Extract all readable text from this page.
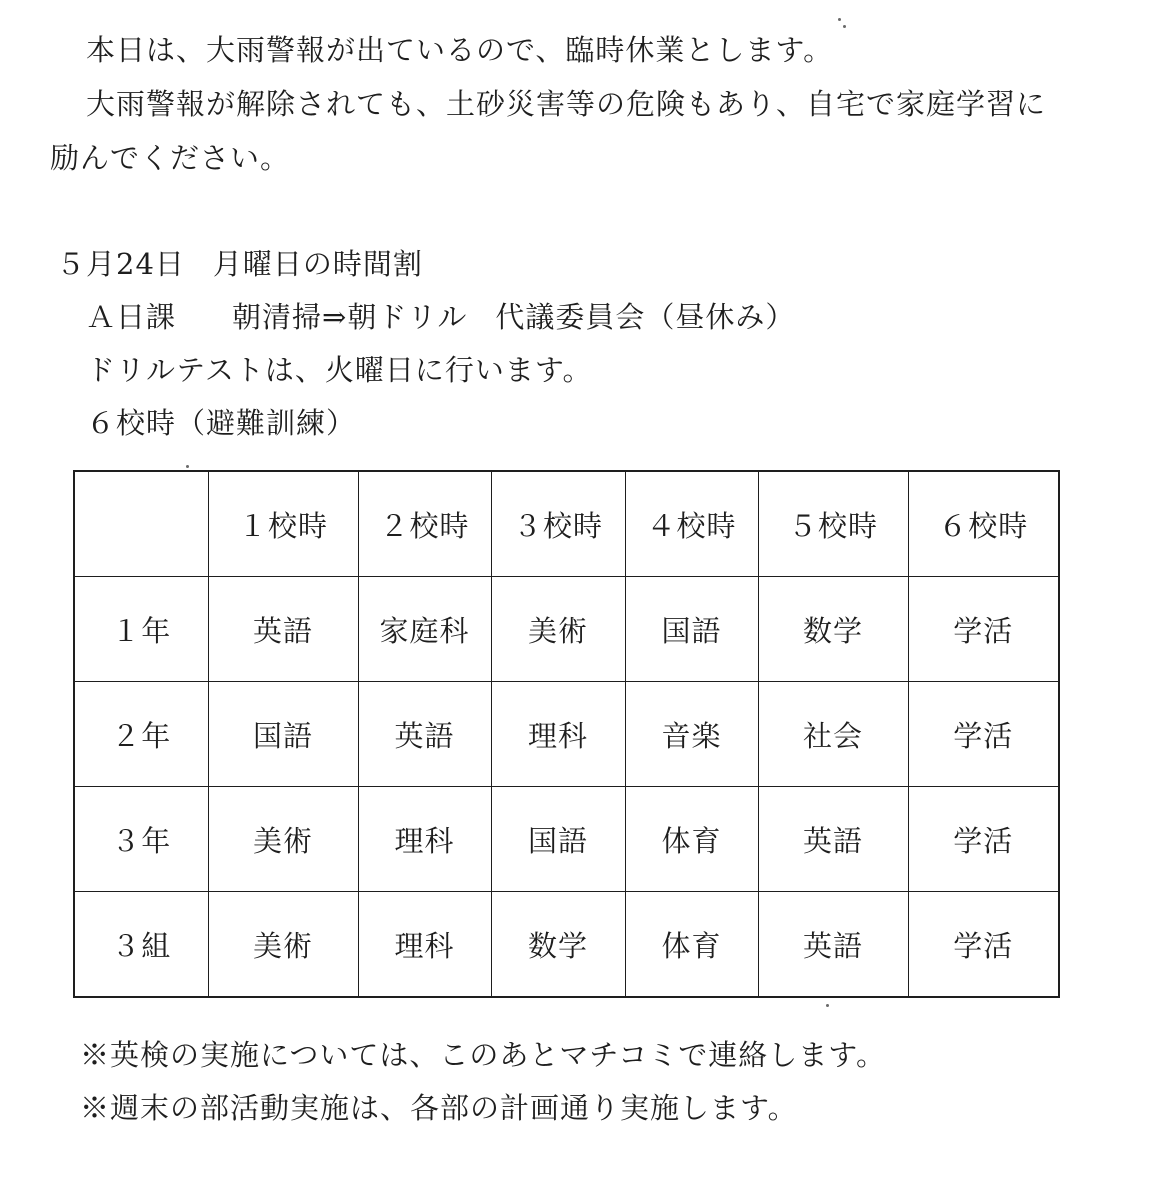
本日は、大雨警報が出ているので、臨時休業とします。
大雨警報が解除されても、土砂災害等の危険もあり、自宅で家庭学習に
励んでください。
５月24日 月曜日の時間割
Ａ日課 朝清掃⇒朝ドリル 代議委員会（昼休み）
ドリルテストは、火曜日に行います。
６校時（避難訓練）
	１校時	２校時	３校時	４校時	５校時	６校時
１年	英語	家庭科	美術	国語	数学	学活
２年	国語	英語	理科	音楽	社会	学活
３年	美術	理科	国語	体育	英語	学活
３組	美術	理科	数学	体育	英語	学活
※英検の実施については、このあとマチコミで連絡します。
※週末の部活動実施は、各部の計画通り実施します。
